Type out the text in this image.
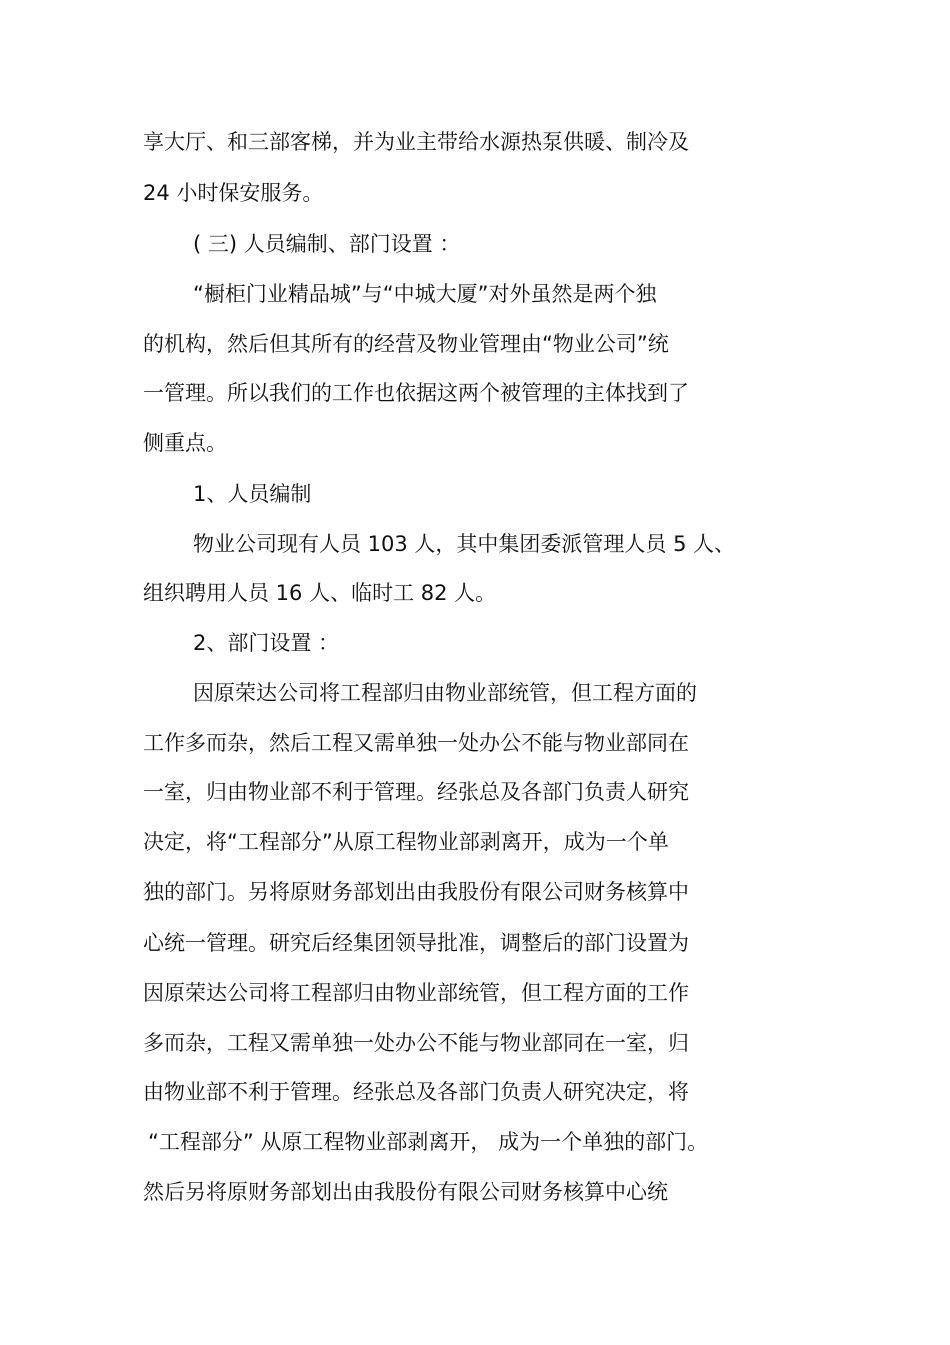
享大厅、和三部客梯，并为业主带给水源热泵供暖、制冷及

24 小时保安服务。

( 三) 人员编制、部门设置 ：

“橱柜门业精品城”与“中城大厦”对外虽然是两个独

的机构，然后但其所有的经营及物业管理由“物业公司”统

一管理。所以我们的工作也依据这两个被管理的主体找到了

侧重点。

1、人员编制

物业公司现有人员 103 人，其中集团委派管理人员 5 人、

组织聘用人员 16 人、临时工 82 人。

2、部门设置 ：

因原荣达公司将工程部归由物业部统管，但工程方面的

工作多而杂，然后工程又需单独一处办公不能与物业部同在

一室，归由物业部不利于管理。经张总及各部门负责人研究

决定，将“工程部分”从原工程物业部剥离开，成为一个单

独的部门。另将原财务部划出由我股份有限公司财务核算中

心统一管理。研究后经集团领导批准，调整后的部门设置为

因原荣达公司将工程部归由物业部统管，但工程方面的工作

多而杂，工程又需单独一处办公不能与物业部同在一室，归

由物业部不利于管理。经张总及各部门负责人研究决定，将

“工程部分” 从原工程物业部剥离开， 成为一个单独的部门。

然后另将原财务部划出由我股份有限公司财务核算中心统
